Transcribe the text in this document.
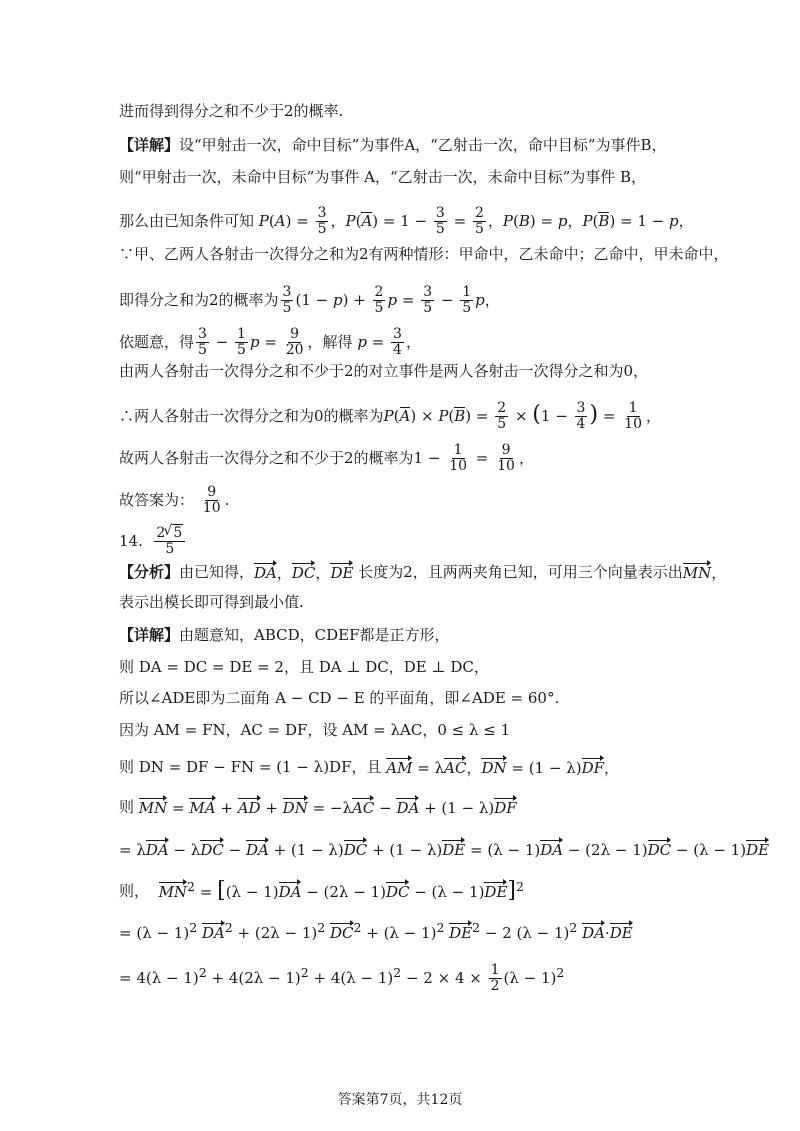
进而得到得分之和不少于2的概率.
【详解】 设“甲射击一次，命中目标”为事件A，“乙射击一次，命中目标”为事件B，
则“甲射击一次，未命中目标”为事件 A，“乙射击一次，未命中目标”为事件 B，
那么由已知条件可知 $P(A) = \frac{3}{5}$ ，$P(A) = 1 - \frac{3}{5} = \frac{2}{5}$ ，P(B) = p，P(B) = 1 − p，
∵甲、乙两人各射击一次得分之和为2有两种情形：甲命中，乙未命中；乙命中，甲未命中，
即得分之和为2的概率为 $\frac{3}{5} (1 - p) + \frac{2}{5}$ $p = \frac{3}{5} - \frac{1}{5}$ p，
依题意，得 $\frac{3}{5} - \frac{1}{5}$ $p = \frac{9}{20}$ ，解得 $p = \frac{3}{4}$ ，
由两人各射击一次得分之和不少于2的对立事件是两人各射击一次得分之和为0，
∴两人各射击一次得分之和为0的概率为 $P(A) \times P(B) = \frac{2}{5} \times (1 - \frac{3}{4}$ ) = $\frac{1}{10}$ ，
故两人各射击一次得分之和不少于2的概率为 $1 - \frac{1}{10} = \frac{9}{10}$ ，
故答案为：
$\frac{9}{10}$ .
14.
$\frac{2√ 5}{5}$
【分析】 由已知得， DA，DC，DE 长度为2，且两两夹角已知，可用三个向量表示出 MN，
表示出模长即可得到最小值.
【详解】 由题意知，ABCD，CDEF都是正方形，
则 DA = DC = DE = 2，且 DA ⊥ DC，DE ⊥ DC，
所以∠ADE即为二面角 A − CD − E 的平面角，即∠ADE = 60°.
因为 AM = FN，AC = DF，设 AM = λAC，0 ≤ λ ≤ 1
则 DN = DF − FN = (1 − λ)DF，且 AM = λAC，DN = (1 − λ)DF，
则 MN = MA + AD + DN = −λAC − DA + (1 − λ)DF
= λDA − λDC − DA + (1 − λ)DC + (1 − λ)DE = (λ − 1)DA − (2λ − 1)DC − (λ − 1)DE
则， $MN^2 = [(\lambda - 1)DA - (2\lambda - 1)DC - (\lambda - 1)DE]^2$
= $(\lambda - 1)^2$ $DA^2 + (2\lambda - 1)^2$ $DC^2 + (\lambda - 1)^2$ $DE^2 - 2$ $(\lambda - 1)^2$ DA·DE
= $4(\lambda - 1)^2 + 4(2\lambda - 1)^2 + 4(\lambda - 1)^2 - 2 \times 4 \times \frac{1}{2} (\lambda - 1)^2$
答案第7页，共12页
